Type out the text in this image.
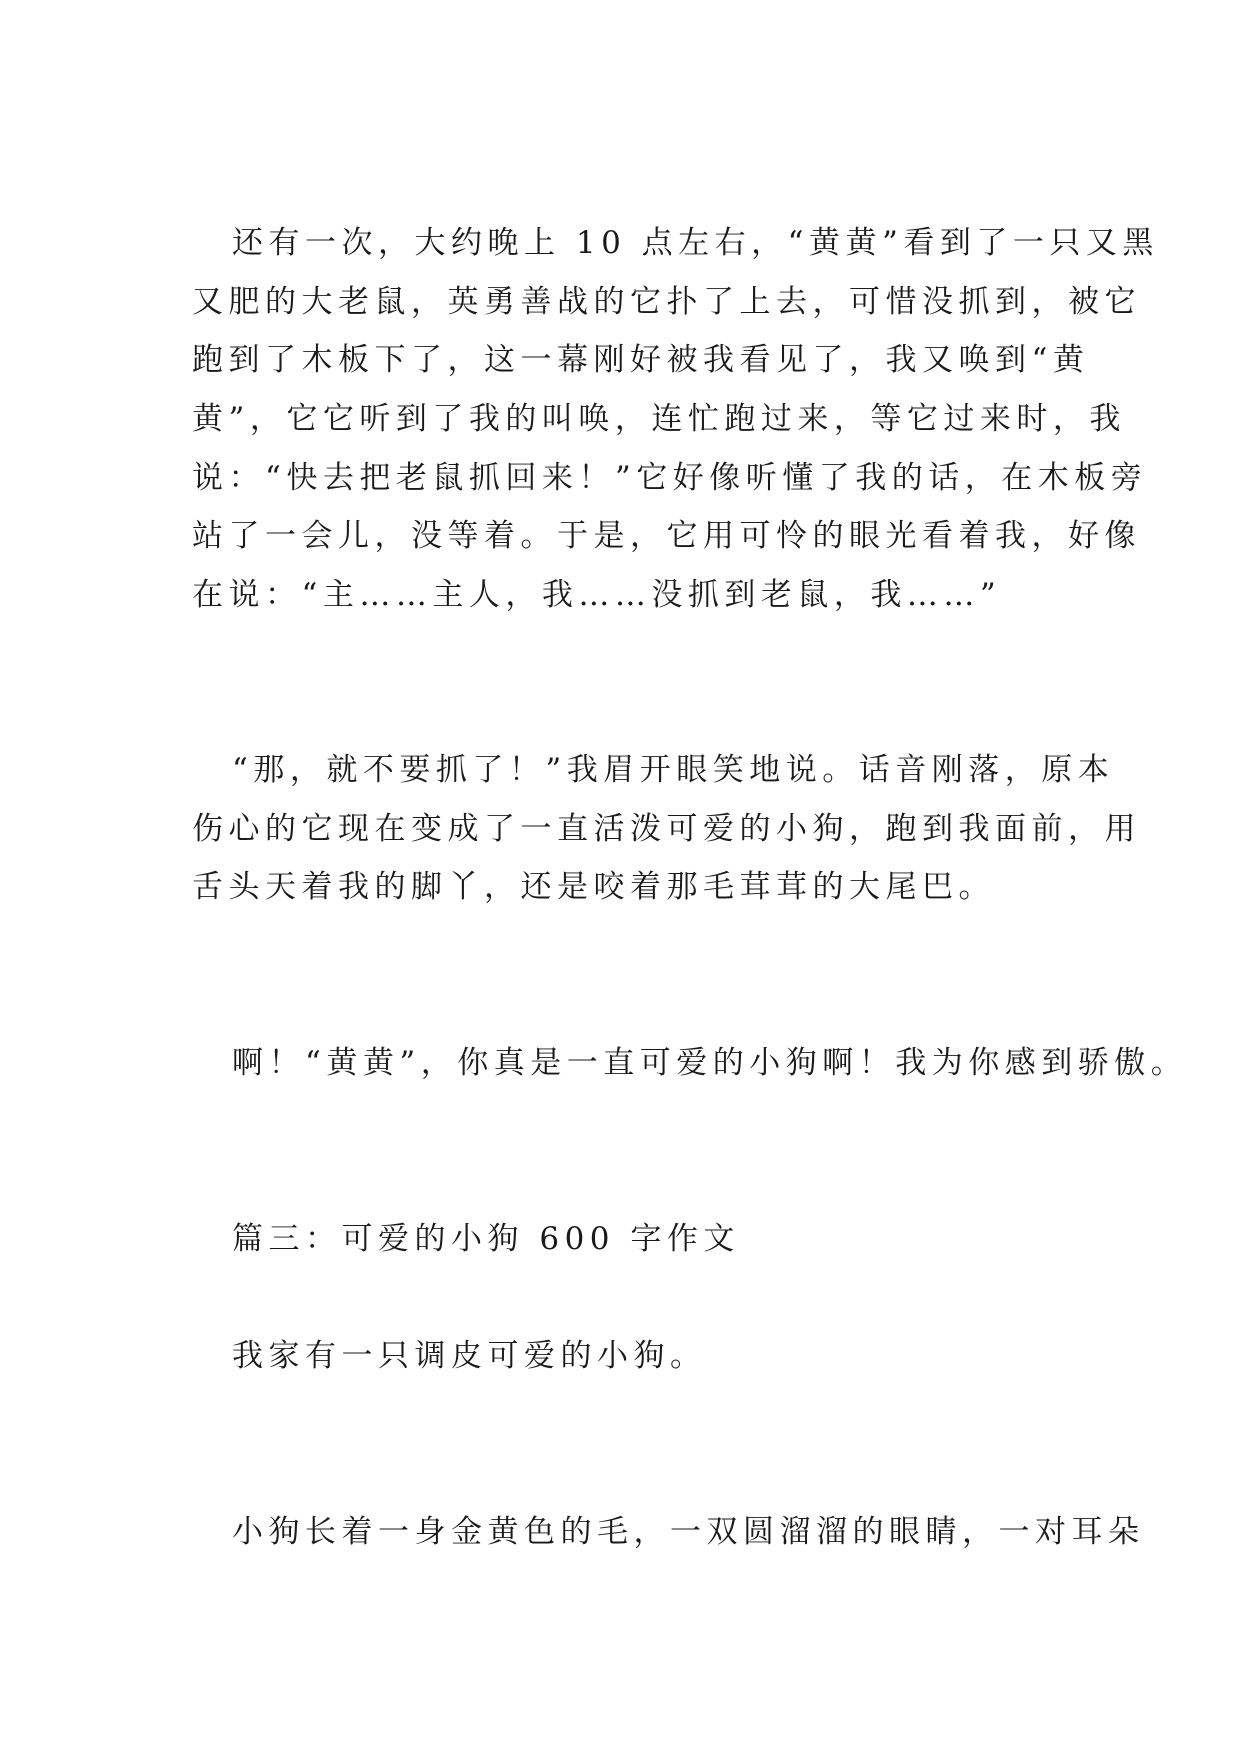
还有一次，大约晚上 10 点左右，“黄黄”看到了一只又黑

又肥的大老鼠，英勇善战的它扑了上去，可惜没抓到，被它

跑到了木板下了，这一幕刚好被我看见了，我又唤到“黄

黄”，它它听到了我的叫唤，连忙跑过来，等它过来时，我

说：“快去把老鼠抓回来！”它好像听懂了我的话，在木板旁

站了一会儿，没等着。于是，它用可怜的眼光看着我，好像

在说：“主……主人，我……没抓到老鼠，我……”

“那，就不要抓了！”我眉开眼笑地说。话音刚落，原本

伤心的它现在变成了一直活泼可爱的小狗，跑到我面前，用

舌头天着我的脚丫，还是咬着那毛茸茸的大尾巴。

啊！“黄黄”，你真是一直可爱的小狗啊！我为你感到骄傲。

篇三：可爱的小狗 600 字作文

我家有一只调皮可爱的小狗。

小狗长着一身金黄色的毛，一双圆溜溜的眼睛，一对耳朵
